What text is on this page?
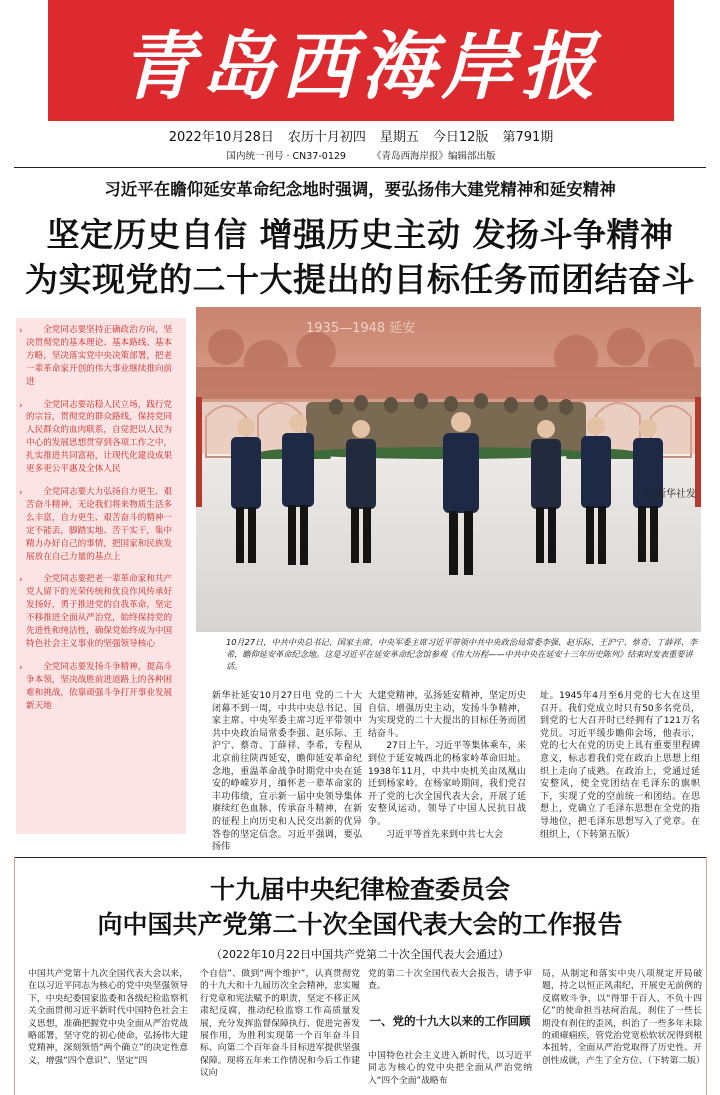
青岛西海岸报
2022年10月28日 农历十月初四 星期五 今日12版 第791期
国内统一刊号 · CN37-0129	《青岛西海岸报》编辑部出版
习近平在瞻仰延安革命纪念地时强调，要弘扬伟大建党精神和延安精神
坚定历史自信 增强历史主动 发扬斗争精神
为实现党的二十大提出的目标任务而团结奋斗
› 全党同志要坚持正确政治方向，坚决贯彻党的基本理论、基本路线、基本方略，坚决落实党中央决策部署，把老一辈革命家开创的伟大事业继续推向前进
› 全党同志要站稳人民立场，践行党的宗旨，贯彻党的群众路线，保持党同人民群众的血肉联系，自觉把以人民为中心的发展思想贯穿到各项工作之中，扎实推进共同富裕，让现代化建设成果更多更公平惠及全体人民
› 全党同志要大力弘扬自力更生、艰苦奋斗精神，无论我们将来物质生活多么丰富，自力更生、艰苦奋斗的精神一定不能丢，脚踏实地、苦干实干，集中精力办好自己的事情，把国家和民族发展放在自己力量的基点上
› 全党同志要把老一辈革命家和共产党人留下的光荣传统和优良作风传承好发扬好，勇于推进党的自我革命，坚定不移推进全面从严治党，始终保持党的先进性和纯洁性，确保党始终成为中国特色社会主义事业的坚强领导核心
› 全党同志要发扬斗争精神，提高斗争本领，坚决战胜前进道路上的各种困难和挑战，依靠顽强斗争打开事业发展新天地
1935—1948 延安
□新华社发
10月27日，中共中央总书记、国家主席、中央军委主席习近平带领中共中央政治局常委李强、赵乐际、王沪宁、蔡奇、丁薛祥、李希，瞻仰延安革命纪念地。这是习近平在延安革命纪念馆参观《伟大历程——中共中央在延安十三年历史陈列》结束时发表重要讲话。
新华社延安10月27日电 党的二十大闭幕不到一周，中共中央总书记、国家主席、中央军委主席习近平带领中共中央政治局常委李强、赵乐际、王沪宁、蔡奇、丁薛祥、李希，专程从北京前往陕西延安，瞻仰延安革命纪念地，重温革命战争时期党中央在延安的峥嵘岁月，缅怀老一辈革命家的丰功伟绩，宣示新一届中央领导集体赓续红色血脉、传承奋斗精神，在新的征程上向历史和人民交出新的优异答卷的坚定信念。习近平强调，要弘扬伟
大建党精神，弘扬延安精神，坚定历史自信、增强历史主动，发扬斗争精神，为实现党的二十大提出的目标任务而团结奋斗。
　　27日上午，习近平等集体乘车，来到位于延安城西北的杨家岭革命旧址。1938年11月，中共中央机关由凤凰山迁到杨家岭。在杨家岭期间，我们党召开了党的七次全国代表大会，开展了延安整风运动，领导了中国人民抗日战争。
　　习近平等首先来到中共七大会
址。1945年4月至6月党的七大在这里召开。我们党成立时只有50多名党员，到党的七大召开时已经拥有了121万名党员。习近平缓步瞻仰会场，他表示，党的七大在党的历史上具有重要里程碑意义，标志着我们党在政治上思想上组织上走向了成熟。在政治上，党通过延安整风，使全党团结在毛泽东的旗帜下，实现了党的空前统一和团结。在思想上，党确立了毛泽东思想在全党的指导地位，把毛泽东思想写入了党章。在组织上，（下转第五版）
十九届中央纪律检查委员会
向中国共产党第二十次全国代表大会的工作报告
（2022年10月22日中国共产党第二十次全国代表大会通过）
中国共产党第十九次全国代表大会以来，在以习近平同志为核心的党中央坚强领导下，中央纪委国家监委和各级纪检监察机关全面贯彻习近平新时代中国特色社会主义思想，准确把握党中央全面从严治党战略部署，坚守党的初心使命，弘扬伟大建党精神，深刻领悟“两个确立”的决定性意义，增强“四个意识”、坚定“四
个自信”、做到“两个维护”，认真贯彻党的十九大和十九届历次全会精神，忠实履行党章和宪法赋予的职责，坚定不移正风肃纪反腐，推动纪检监察工作高质量发展，充分发挥监督保障执行、促进完善发展作用，为胜利实现第一个百年奋斗目标、向第二个百年奋斗目标进军提供坚强保障。现将五年来工作情况和今后工作建议向
党的第二十次全国代表大会报告，请予审查。
一、党的十九大以来的工作回顾
中国特色社会主义进入新时代，以习近平同志为核心的党中央把全面从严治党纳入“四个全面”战略布
局，从制定和落实中央八项规定开局破题，持之以恒正风肃纪，开展史无前例的反腐败斗争，以“得罪千百人、不负十四亿”的使命担当祛疴治乱，刹住了一些长期没有刹住的歪风，纠治了一些多年未除的顽瘴痼疾，管党治党宽松软状况得到根本扭转，全面从严治党取得了历史性、开创性成就，产生了全方位、（下转第二版）
